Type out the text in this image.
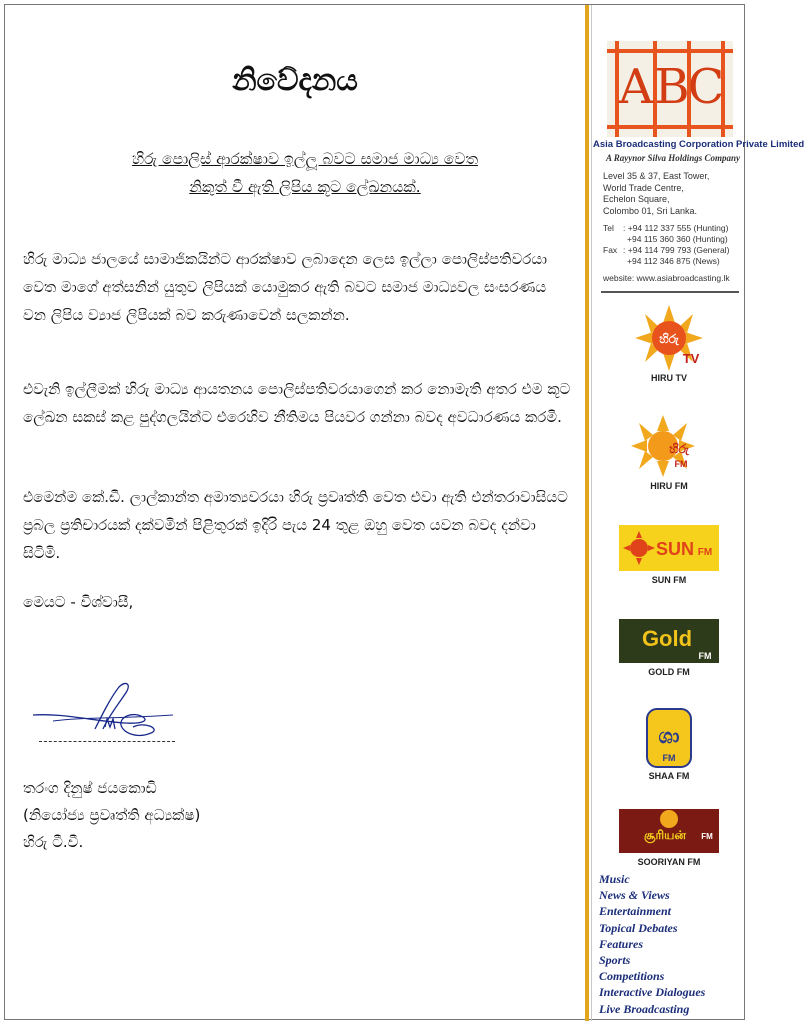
නිවේදනය
හිරු පොලිස් ආරක්ෂාව ඉල්ලූ බවට සමාජ මාධ්‍ය වෙත
නිකුත් වී ඇති ලිපිය කූට ලේඛනයක්.
හිරු මාධ්‍ය ජාලයේ සාමාජිකයින්ට ආරක්ෂාව ලබාදෙන ලෙස ඉල්ලා පොලිස්පතිවරයා වෙත මාගේ අත්සනින් යුතුව ලිපියක් යොමුකර ඇති බවට සමාජ මාධ්‍යවල සංසරණය වන ලිපිය ව්‍යාජ ලිපියක් බව කරුණාවෙන් සලකන්න.
එවැනි ඉල්ලීමක් හිරු මාධ්‍ය ආයතනය පොලිස්පතිවරයාගෙන් කර නොමැති අතර එම කූට ලේඛන සකස් කළ පුද්ගලයින්ට එරෙහිව නීතිමය පියවර ගන්නා බවද අවධාරණය කරමි.
එමෙන්ම කේ.ඩී. ලාල්කාන්ත අමාත්‍යවරයා හිරු ප්‍රවෘත්ති වෙත එවා ඇති එන්තරාවාසියට ප්‍රබල ප්‍රතිචාරයක් දක්වමින් පිළිතුරක් ඉදිරි පැය 24 තුළ ඔහු වෙත යවන බවද දන්වා සිටිමි.
මෙයට - විශ්වාසී,
තරංග දිනුෂ් ජයකොඩි
(නියෝජ්‍ය ප්‍රවෘත්ති අධ්‍යක්ෂ)
හිරු ටී.වී.
A B
C
Asia Broadcasting Corporation Private Limited
A Rayynor Silva Holdings Company
Level 35 & 37, East Tower,
World Trade Centre,
Echelon Square,
Colombo 01, Sri Lanka.
Tel : +94 112 337 555 (Hunting)
+94 115 360 360 (Hunting)
Fax : +94 114 799 793 (General)
+94 112 346 875 (News)
website: www.asiabroadcasting.lk
හිරු
TV
HIRU TV
හිරු
FM
HIRU FM
SUN FM
SUN FM
Gold
FM
GOLD FM
ශා
FM
SHAA FM
சூரியன் FM
SOORIYAN FM
Music
News & Views
Entertainment
Topical Debates
Features
Sports
Competitions
Interactive Dialogues
Live Broadcasting
